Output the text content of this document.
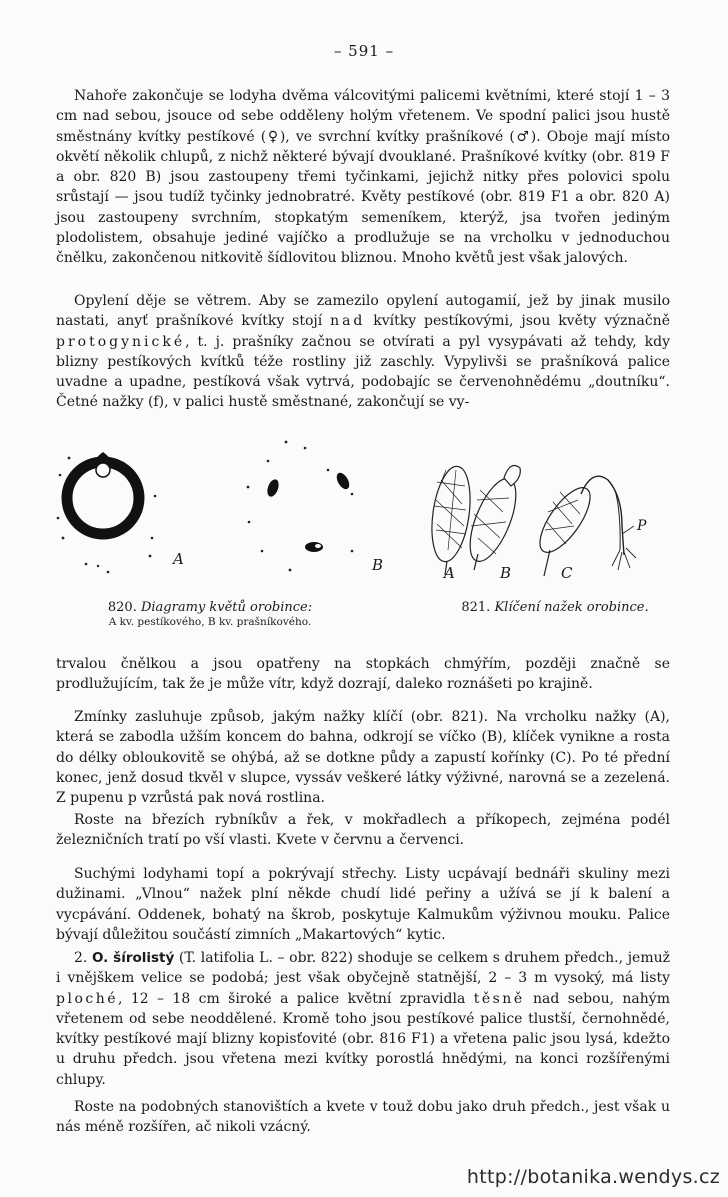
– 591 –

Nahoře zakončuje se lodyha dvěma válcovitými palicemi květními, které stojí 1 – 3 cm nad sebou, jsouce od sebe odděleny holým vřetenem. Ve spodní palici jsou hustě směstnány kvítky pestíkové (♀), ve svrchní kvítky prašníkové (♂). Oboje mají místo okvětí několik chlupů, z nichž některé bývají dvouklané. Prašníkové kvítky (obr. 819 F a obr. 820 B) jsou zastoupeny třemi tyčinkami, jejichž nitky přes polovici spolu srůstají — jsou tudíž tyčinky jednobratré. Květy pestíkové (obr. 819 F1 a obr. 820 A) jsou zastoupeny svrchním, stopkatým semeníkem, kterýž, jsa tvořen jediným plodolistem, obsahuje jediné vajíčko a prodlužuje se na vrcholku v jednoduchou čnělku, zakončenou nitkovitě šídlovitou bliznou. Mnoho květů jest však jalových.

Opylení děje se větrem. Aby se zamezilo opylení autogamií, jež by jinak musilo nastati, anyť prašníkové kvítky stojí nad kvítky pestíkovými, jsou květy význačně protogynické, t. j. prašníky začnou se otvírati a pyl vysypávati až tehdy, kdy blizny pestíkových kvítků téže rostliny již zaschly. Vypylivši se prašníková palice uvadne a upadne, pestíková však vytrvá, podobajíc se červenohnědému „doutníku“. Četné nažky (f), v palici hustě směstnané, zakončují se vy-

A	B	A	B	C
P
820. Diagramy květů orobince:
A kv. pestíkového, B kv. prašníkového.
821. Klíčení nažek orobince.

trvalou čnělkou a jsou opatřeny na stopkách chmýřím, později značně se prodlužujícím, tak že je může vítr, když dozrají, daleko roznášeti po krajině.

Zmínky zasluhuje způsob, jakým nažky klíčí (obr. 821). Na vrcholku nažky (A), která se zabodla užším koncem do bahna, odkrojí se víčko (B), klíček vynikne a rosta do délky obloukovitě se ohýbá, až se dotkne půdy a zapustí kořínky (C). Po té přední konec, jenž dosud tkvěl v slupce, vyssáv veškeré látky výživné, narovná se a zezelená. Z pupenu p vzrůstá pak nová rostlina.

Roste na březích rybníkův a řek, v mokřadlech a příkopech, zejména podél železničních tratí po vší vlasti. Kvete v červnu a červenci.

Suchými lodyhami topí a pokrývají střechy. Listy ucpávají bednáři skuliny mezi dužinami. „Vlnou“ nažek plní někde chudí lidé peřiny a užívá se jí k balení a vycpávání. Oddenek, bohatý na škrob, poskytuje Kalmukům výživnou mouku. Palice bývají důležitou součástí zimních „Makartových“ kytic.

2. O. šírolistý (T. latifolia L. – obr. 822) shoduje se celkem s druhem předch., jemuž i vnějškem velice se podobá; jest však obyčejně statnější, 2 – 3 m vysoký, má listy ploché, 12 – 18 cm široké a palice květní zpravidla těsně nad sebou, nahým vřetenem od sebe neoddělené. Kromě toho jsou pestíkové palice tlustší, černohnědé, kvítky pestíkové mají blizny kopisťovité (obr. 816 F1) a vřetena palic jsou lysá, kdežto u druhu předch. jsou vřetena mezi kvítky porostlá hnědými, na konci rozšířenými chlupy.

Roste na podobných stanovištích a kvete v touž dobu jako druh předch., jest však u nás méně rozšířen, ač nikoli vzácný.

http://botanika.wendys.cz
